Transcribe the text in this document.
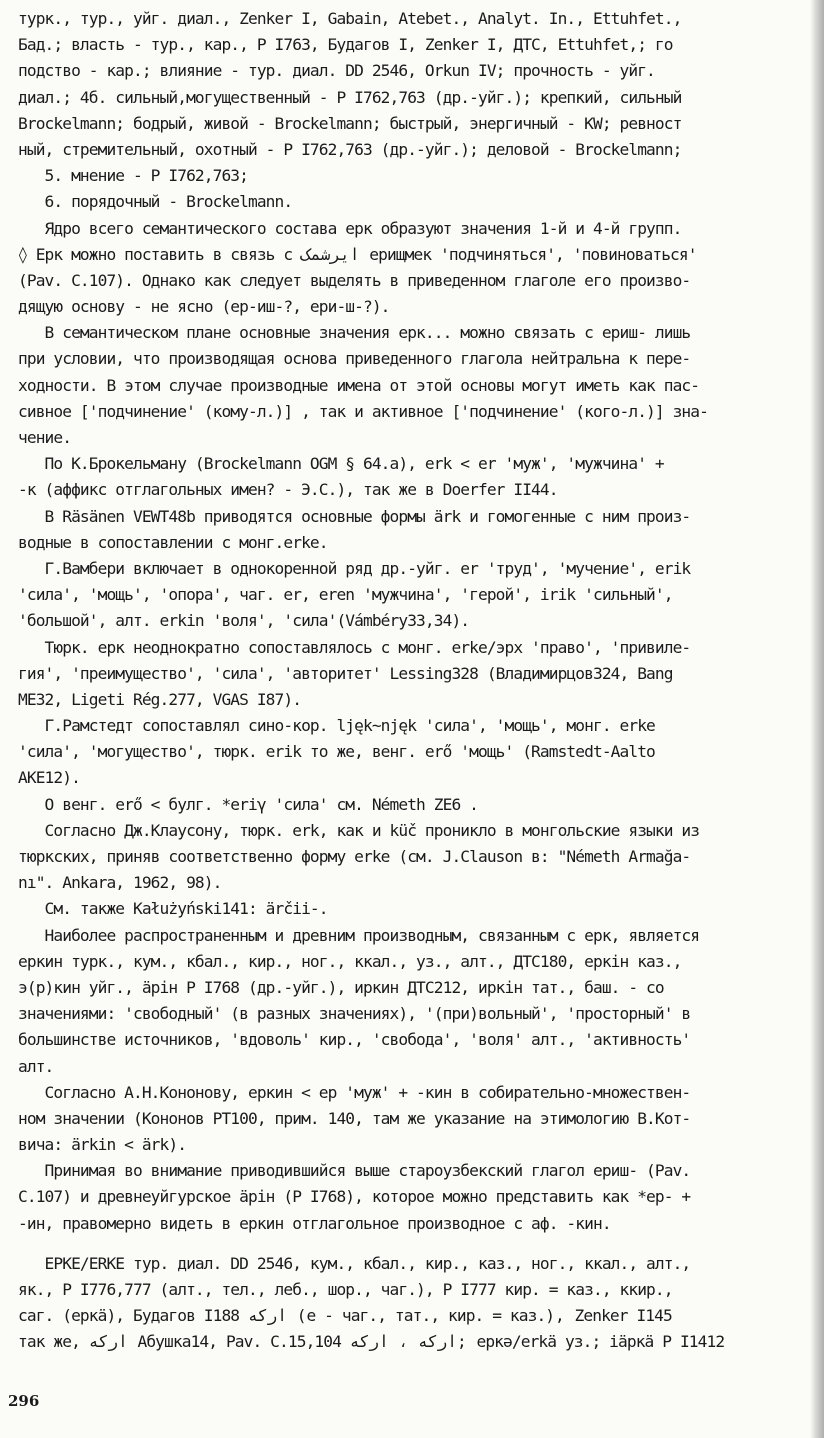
турк., тур., уйг. диал., Zenker I, Gabain, Atebet., Analyt. In., Ettuhfet.,
Бад.; власть - тур., кар., P I763, Будагов I, Zenker I, ДТС, Ettuhfet,; го
подство - кар.; влияние - тур. диал. DD 2546, Orkun IV; прочность - уйг.
диал.; 4б. сильный,могущественный - P I762,763 (др.-уйг.); крепкий, сильный
Brockelmann; бодрый, живой - Brockelmann; быстрый, энергичный - KW; ревност
ный, стремительный, охотный - P I762,763 (др.-уйг.); деловой - Brockelmann;
5. мнение - P I762,763;
6. порядочный - Brockelmann.
Ядро всего семантического состава ерк образуют значения 1-й и 4-й групп.
◊ Ерк можно поставить в связь с ایرشمک ерищмек 'подчиняться', 'повиноваться'
(Pav. C.107). Однако как следует выделять в приведенном глаголе его произво-
дящую основу - не ясно (ер-иш-?, ери-ш-?).
В семантическом плане основные значения ерк... можно связать с ериш- лишь
при условии, что производящая основа приведенного глагола нейтральна к пере-
ходности. В этом случае производные имена от этой основы могут иметь как пас-
сивное ['подчинение' (кому-л.)] , так и активное ['подчинение' (кого-л.)] зна-
чение.
По К.Брокельману (Brockelmann OGM § 64.a), erk < er 'муж', 'мужчина' +
-к (аффикс отглагольных имен? - Э.С.), так же в Doerfer II44.
В Räsänen VEWT48b приводятся основные формы ärk и гомогенные с ним произ-
водные в сопоставлении с монг.erke.
Г.Вамбери включает в однокоренной ряд др.-уйг. er 'труд', 'мучение', erik
'сила', 'мощь', 'опора', чаг. er, eren 'мужчина', 'герой', irik 'сильный',
'большой', алт. erkin 'воля', 'сила'(Vámbéry33,34).
Тюрк. ерк неоднократно сопоставлялось с монг. erke/эрх 'право', 'привиле-
гия', 'преимущество', 'сила', 'авторитет' Lessing328 (Владимирцов324, Bang
ME32, Ligeti Rég.277, VGAS I87).
Г.Рамстедт сопоставлял сино-кор. ljęk~njęk 'сила', 'мощь', монг. erke
'сила', 'могущество', тюрк. erik то же, венг. erő 'мощь' (Ramstedt-Aalto
AKE12).
О венг. erő < булг. *eriγ 'сила' см. Németh ZE6 .
Согласно Дж.Клаусону, тюрк. erk, как и küč проникло в монгольские языки из
тюркских, приняв соответственно форму erke (см. J.Clauson в: "Németh Armağa-
nı". Ankara, 1962, 98).
См. также Kałużyński141: ärčii-.
Наиболее распространенным и древним производным, связанным с ерк, является
еркин турк., кум., кбал., кир., ног., ккал., уз., алт., ДТС180, еркін каз.,
э(р)кин уйг., äрін P I768 (др.-уйг.), иркин ДТС212, иркін тат., баш. - со
значениями: 'свободный' (в разных значениях), '(при)вольный', 'просторный' в
большинстве источников, 'вдоволь' кир., 'свобода', 'воля' алт., 'активность'
алт.
Согласно А.Н.Кононову, еркин < ер 'муж' + -кин в собирательно-множествен-
ном значении (Кононов PT100, прим. 140, там же указание на этимологию В.Кот-
вича: ärkin < ärk).
Принимая во внимание приводившийся выше староузбекский глагол ериш- (Pav.
C.107) и древнеуйгурское äрін (P I768), которое можно представить как *ер- +
-ин, правомерно видеть в еркин отглагольное производное с аф. -кин.
ЕРКЕ/ERKE тур. диал. DD 2546, кум., кбал., кир., каз., ног., ккал., алт.,
як., P I776,777 (алт., тел., леб., шор., чаг.), P I777 кир. = каз., ккир.,
саг. (еркä), Будагов I188 ارکه (е - чаг., тат., кир. = каз.), Zenker I145
так же, ارکه Абушка14, Pav. C.15,104 ارکه ، ارکه; еркә/erkä уз.; iäркä P I1412
296
